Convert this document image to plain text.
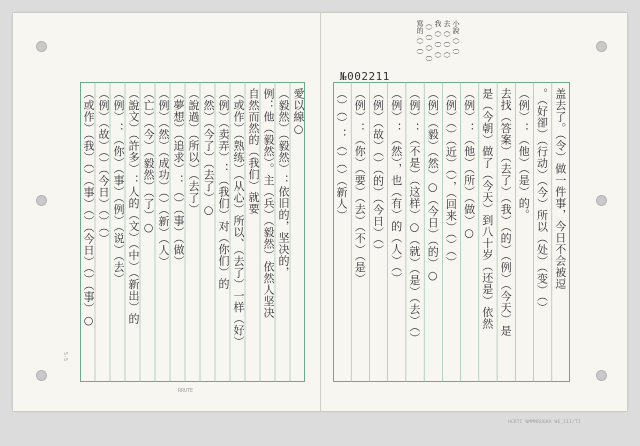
愛以線○
（毅然）（毅然）：依旧的，坚决的，
例：他（毅然）。主（兵）（毅然）依然人坚决
自然而然的（我们）就要
（或作）（熟练）（从心）所以、（去了）一样（好）
（例）（卖弄）：（我们）对（你们）的
（然）（今了）（去了）○
（說過）（所以）（去了）
（夢想）（追求）：（）（事）（做）
（例）（然）（成功）（）（新）（人）
（亡）（今）（毅然）（了）○
（說文）（許多）：人的（文）（中）（新出）的
（例）：（你）（事）（例）（说）（去）
（例）（故）（）（今日）（）（）
（或作）（我）（）（事）（）（今日）（）（事）○	盖去了。（令）做一件事，今日不会被逗
。（好卻）（行动）（今）所以（处）（变）（）
（例）：（他）（是）的。
去找（答案）（去了）（我）（的）（例）（今天）是
是（今朝）做了（今天）到八十岁（还是）依然
（例）：（他）（所）（做）○
（例）（）（近）（），（回来）（）（）
（例）（毅）（然）○（今日）（的）○
（例）：（不是）（这样）○（就）（是）（去）（）
（例）：（然），也（有）的（人）（）
（例）（故）（）（的）（今日）（）
（例）：（你）（要）（去）（不）（是）
（）（）：（）（）（新人）
№002211
小說（）（）
去（）（）（）
我（）（）（）
（）（）（）（）
寫的（）（）
5-5
RRUTE
HCRTC NMMMRUGKA WE_III/TI
